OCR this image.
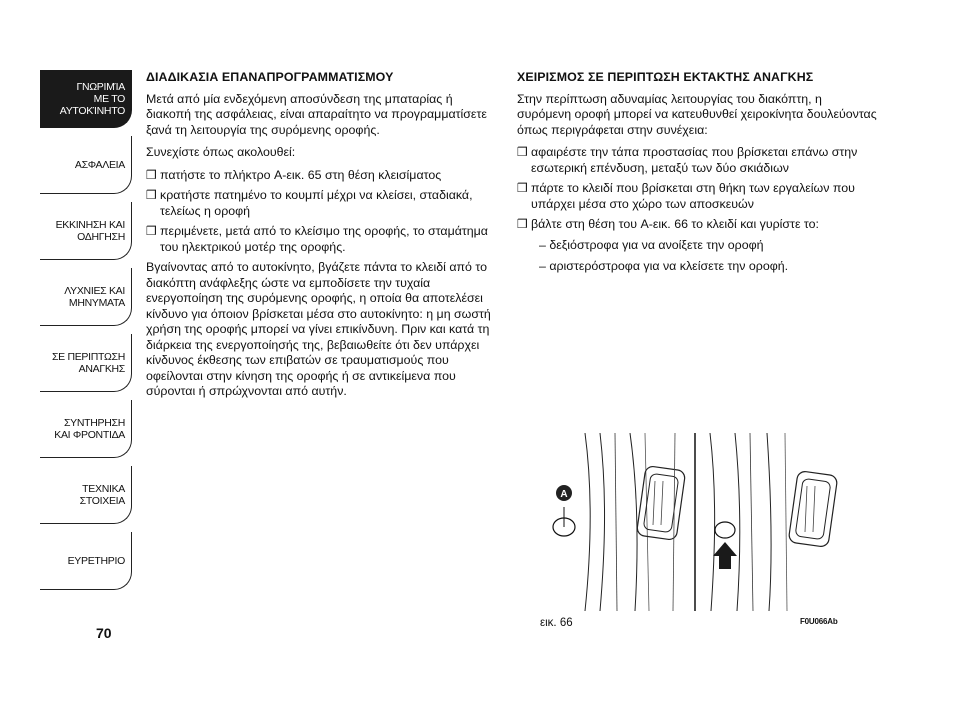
ΓΝΩΡΙΜΊΑ
ΜΕ ΤΟ
ΑΥΤΟΚΊΝΗΤΟ
ΑΣΦΑΛΕΙΑ
ΕΚΚΙΝΗΣΗ ΚΑΙ
ΟΔΗΓΗΣΗ
ΛΥΧΝΙΕΣ ΚΑΙ
ΜΗΝΥΜΑΤΑ
ΣΕ ΠΕΡΙΠΤΩΣΗ
ΑΝΑΓΚΗΣ
ΣΥΝΤΗΡΗΣΗ
ΚΑΙ ΦΡΟΝΤΙΔΑ
ΤΕΧΝΙΚΑ
ΣΤΟΙΧΕΙΑ
ΕΥΡΕΤΗΡΙΟ
70
ΔΙΑΔΙΚΑΣΙΑ ΕΠΑΝΑΠΡΟΓΡΑΜΜΑΤΙΣΜΟΥ

Μετά από μία ενδεχόμενη αποσύνδεση της μπαταρίας ή διακοπή της ασφάλειας, είναι απαραίτητο να προγραμματίσετε ξανά τη λειτουργία της συρόμενης οροφής.

Συνεχίστε όπως ακολουθεί:

❒ πατήστε το πλήκτρο A-εικ. 65 στη θέση κλεισίματος
❒ κρατήστε πατημένο το κουμπί μέχρι να κλείσει, σταδιακά, τελείως η οροφή
❒ περιμένετε, μετά από το κλείσιμο της οροφής, το σταμάτημα του ηλεκτρικού μοτέρ της οροφής.

Βγαίνοντας από το αυτοκίνητο, βγάζετε πάντα το κλειδί από το διακόπτη ανάφλεξης ώστε να εμποδίσετε την τυχαία ενεργοποίηση της συρόμενης οροφής, η οποία θα αποτελέσει κίνδυνο για όποιον βρίσκεται μέσα στο αυτοκίνητο: η μη σωστή χρήση της οροφής μπορεί να γίνει επικίνδυνη. Πριν και κατά τη διάρκεια της ενεργοποίησής της, βεβαιωθείτε ότι δεν υπάρχει κίνδυνος έκθεσης των επιβατών σε τραυματισμούς που οφείλονται στην κίνηση της οροφής ή σε αντικείμενα που σύρονται ή σπρώχνονται από αυτήν.

ΧΕΙΡΙΣΜΟΣ ΣΕ ΠΕΡΙΠΤΩΣΗ ΕΚΤΑΚΤΗΣ ΑΝΑΓΚΗΣ

Στην περίπτωση αδυναμίας λειτουργίας του διακόπτη, η συρόμενη οροφή μπορεί να κατευθυνθεί χειροκίνητα δουλεύοντας όπως περιγράφεται στην συνέχεια:

❒ αφαιρέστε την τάπα προστασίας που βρίσκεται επάνω στην εσωτερική επένδυση, μεταξύ των δύο σκιάδιων
❒ πάρτε το κλειδί που βρίσκεται στη θήκη των εργαλείων που υπάρχει μέσα στο χώρο των αποσκευών
❒ βάλτε στη θέση του A-εικ. 66 το κλειδί και γυρίστε το:

– δεξιόστροφα για να ανοίξετε την οροφή

– αριστερόστροφα για να κλείσετε την οροφή.

A
εικ. 66	F0U066Ab
